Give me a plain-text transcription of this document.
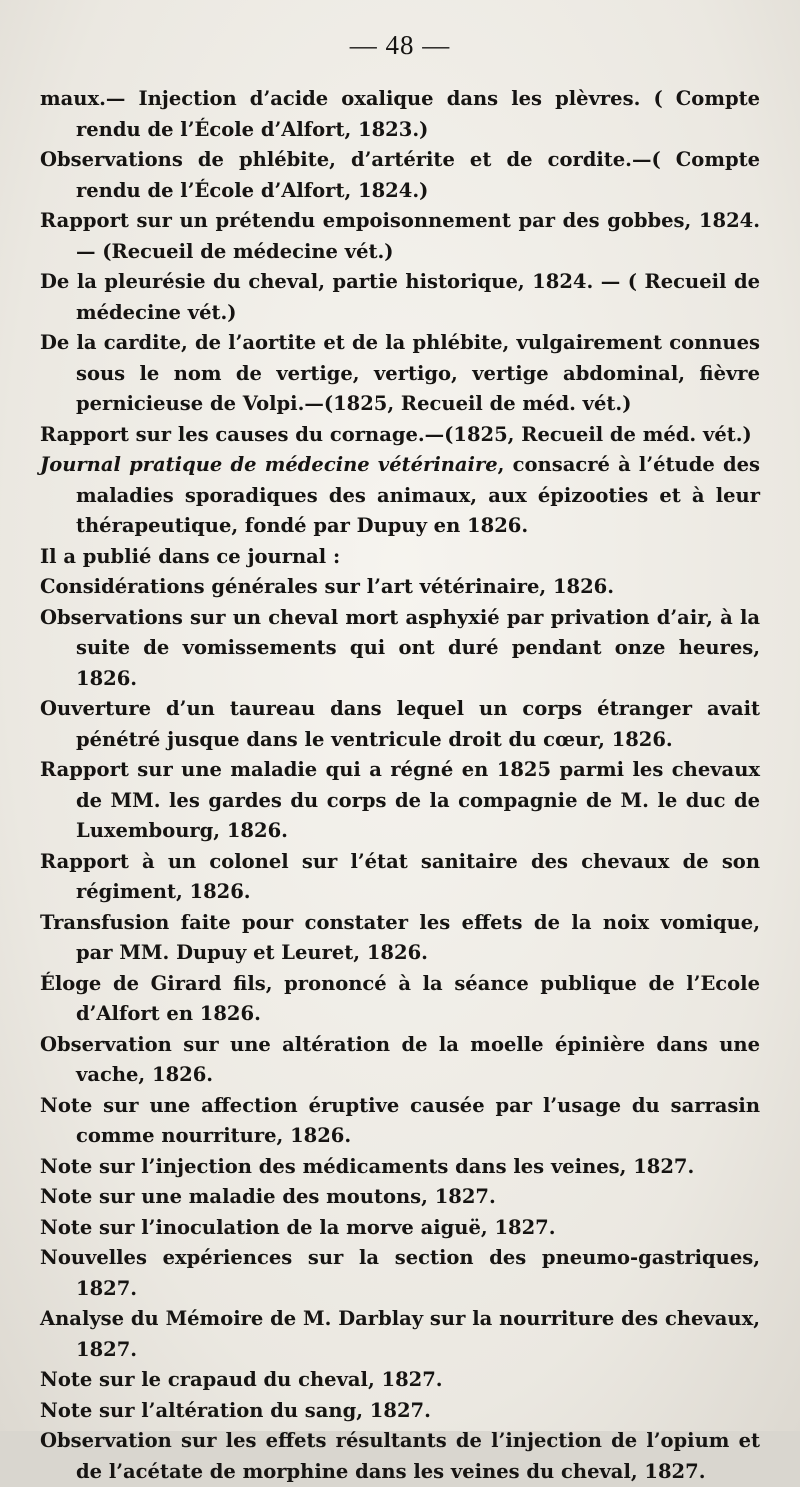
— 48 —

maux.— Injection d’acide oxalique dans les plèvres. ( Compte rendu de l’École d’Alfort, 1823.)

Observations de phlébite, d’artérite et de cordite.—( Compte rendu de l’École d’Alfort, 1824.)

Rapport sur un prétendu empoisonnement par des gobbes, 1824. — (Recueil de médecine vét.)

De la pleurésie du cheval, partie historique, 1824. — ( Recueil de médecine vét.)

De la cardite, de l’aortite et de la phlébite, vulgairement connues sous le nom de vertige, vertigo, vertige abdominal, fièvre pernicieuse de Volpi.—(1825, Recueil de méd. vét.)

Rapport sur les causes du cornage.—(1825, Recueil de méd. vét.)

Journal pratique de médecine vétérinaire, consacré à l’étude des maladies sporadiques des animaux, aux épizooties et à leur thérapeutique, fondé par Dupuy en 1826.

Il a publié dans ce journal :

Considérations générales sur l’art vétérinaire, 1826.

Observations sur un cheval mort asphyxié par privation d’air, à la suite de vomissements qui ont duré pendant onze heures, 1826.

Ouverture d’un taureau dans lequel un corps étranger avait pénétré jusque dans le ventricule droit du cœur, 1826.

Rapport sur une maladie qui a régné en 1825 parmi les chevaux de MM. les gardes du corps de la compagnie de M. le duc de Luxembourg, 1826.

Rapport à un colonel sur l’état sanitaire des chevaux de son régiment, 1826.

Transfusion faite pour constater les effets de la noix vomique, par MM. Dupuy et Leuret, 1826.

Éloge de Girard fils, prononcé à la séance publique de l’Ecole d’Alfort en 1826.

Observation sur une altération de la moelle épinière dans une vache, 1826.

Note sur une affection éruptive causée par l’usage du sarrasin comme nourriture, 1826.

Note sur l’injection des médicaments dans les veines, 1827.

Note sur une maladie des moutons, 1827.

Note sur l’inoculation de la morve aiguë, 1827.

Nouvelles expériences sur la section des pneumo-gastriques, 1827.

Analyse du Mémoire de M. Darblay sur la nourriture des chevaux, 1827.

Note sur le crapaud du cheval, 1827.

Note sur l’altération du sang, 1827.

Observation sur les effets résultants de l’injection de l’opium et de l’acétate de morphine dans les veines du cheval, 1827.
